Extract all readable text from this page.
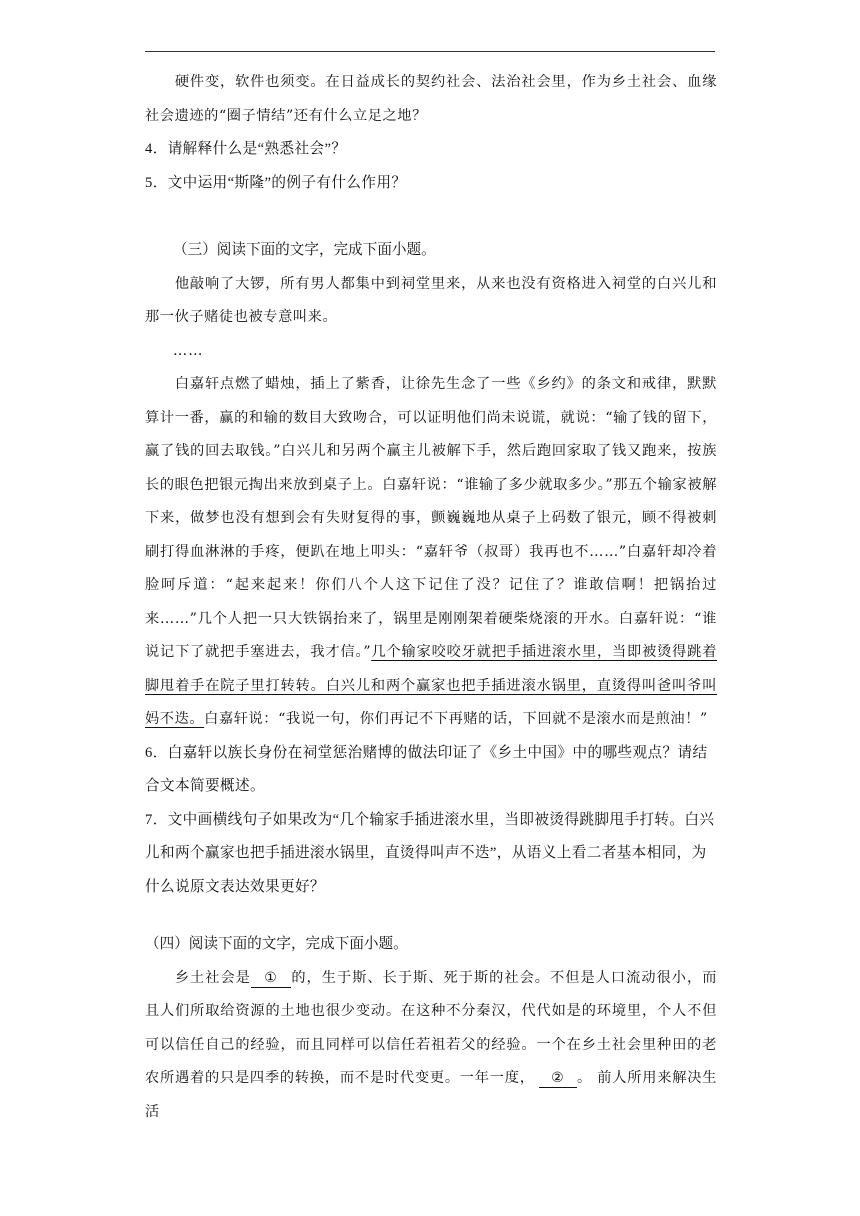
硬件变，软件也须变。在日益成长的契约社会、法治社会里，作为乡土社会、血缘社会遗迹的“圈子情结”还有什么立足之地？

4．请解释什么是“熟悉社会”？

5．文中运用“斯隆”的例子有什么作用？

（三）阅读下面的文字，完成下面小题。

他敲响了大锣，所有男人都集中到祠堂里来，从来也没有资格进入祠堂的白兴儿和那一伙子赌徒也被专意叫来。

……

白嘉轩点燃了蜡烛，插上了紫香，让徐先生念了一些《乡约》的条文和戒律，默默算计一番，赢的和输的数目大致吻合，可以证明他们尚未说谎，就说：“输了钱的留下，赢了钱的回去取钱。”白兴儿和另两个赢主儿被解下手，然后跑回家取了钱又跑来，按族长的眼色把银元掏出来放到桌子上。白嘉轩说：“谁输了多少就取多少。”那五个输家被解下来，做梦也没有想到会有失财复得的事，颤巍巍地从桌子上码数了银元，顾不得被刺刷打得血淋淋的手疼，便趴在地上叩头：“嘉轩爷（叔哥）我再也不……”白嘉轩却冷着脸呵斥道：“起来起来！你们八个人这下记住了没？记住了？谁敢信啊！把锅抬过来……”几个人把一只大铁锅抬来了，锅里是刚刚架着硬柴烧滚的开水。白嘉轩说：“谁说记下了就把手塞进去，我才信。”几个输家咬咬牙就把手插进滚水里，当即被烫得跳着脚甩着手在院子里打转转。白兴儿和两个赢家也把手插进滚水锅里，直烫得叫爸叫爷叫妈不迭。白嘉轩说：“我说一句，你们再记不下再赌的话，下回就不是滚水而是煎油！”

6．白嘉轩以族长身份在祠堂惩治赌博的做法印证了《乡土中国》中的哪些观点？请结合文本简要概述。

7．文中画横线句子如果改为“几个输家手插进滚水里，当即被烫得跳脚甩手打转。白兴儿和两个赢家也把手插进滚水锅里，直烫得叫声不迭”，从语义上看二者基本相同，为什么说原文表达效果更好？

（四）阅读下面的文字，完成下面小题。

乡土社会是 ① 的，生于斯、长于斯、死于斯的社会。不但是人口流动很小，而且人们所取给资源的土地也很少变动。在这种不分秦汉，代代如是的环境里，个人不但可以信任自己的经验，而且同样可以信任若祖若父的经验。一个在乡土社会里种田的老农所遇着的只是四季的转换，而不是时代变更。一年一度， ② 。 前人所用来解决生活
